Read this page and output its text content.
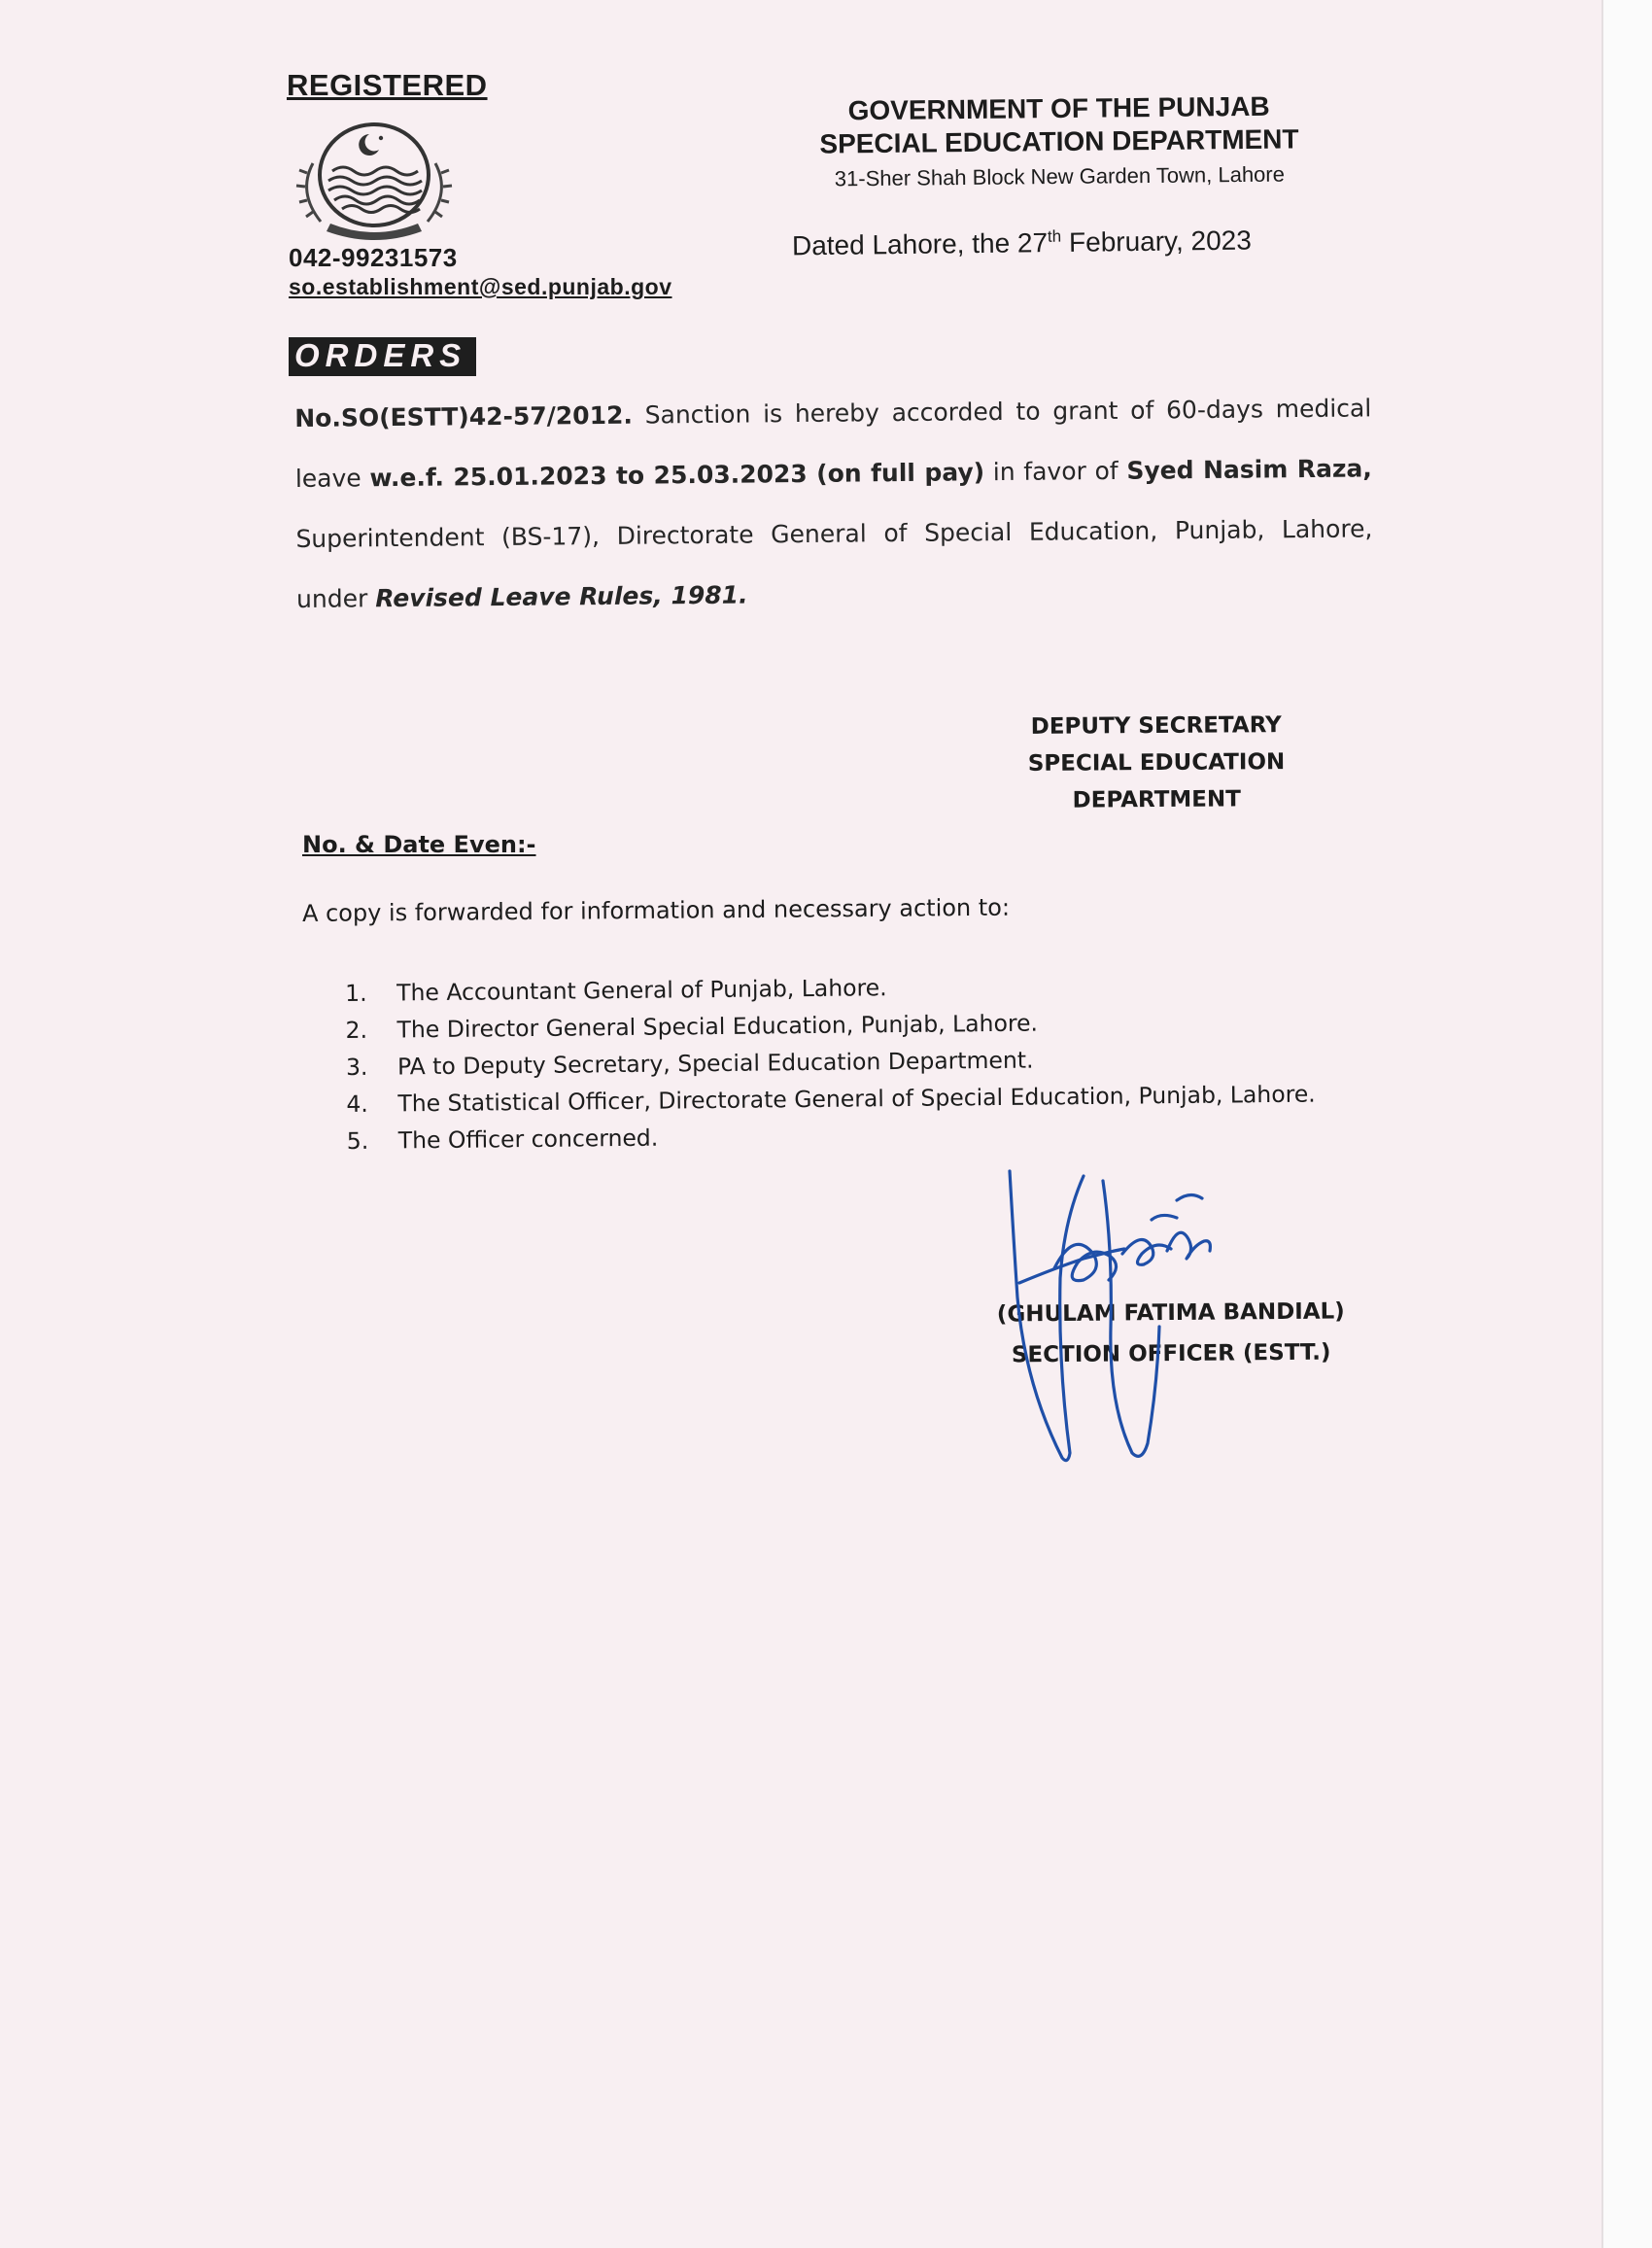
REGISTERED
042-99231573
so.establishment@sed.punjab.gov
GOVERNMENT OF THE PUNJAB
SPECIAL EDUCATION DEPARTMENT
31-Sher Shah Block New Garden Town, Lahore
Dated Lahore, the 27th February, 2023
ORDERS
No.SO(ESTT)42-57/2012. Sanction is hereby accorded to grant of 60-days medical leave w.e.f. 25.01.2023 to 25.03.2023 (on full pay) in favor of Syed Nasim Raza, Superintendent (BS-17), Directorate General of Special Education, Punjab, Lahore, under Revised Leave Rules, 1981.
DEPUTY SECRETARY
SPECIAL EDUCATION
DEPARTMENT
No. & Date Even:-
A copy is forwarded for information and necessary action to:
1.	The Accountant General of Punjab, Lahore.
2.	The Director General Special Education, Punjab, Lahore.
3.	PA to Deputy Secretary, Special Education Department.
4.	The Statistical Officer, Directorate General of Special Education, Punjab, Lahore.
5.	The Officer concerned.
(GHULAM FATIMA BANDIAL)
SECTION OFFICER (ESTT.)
